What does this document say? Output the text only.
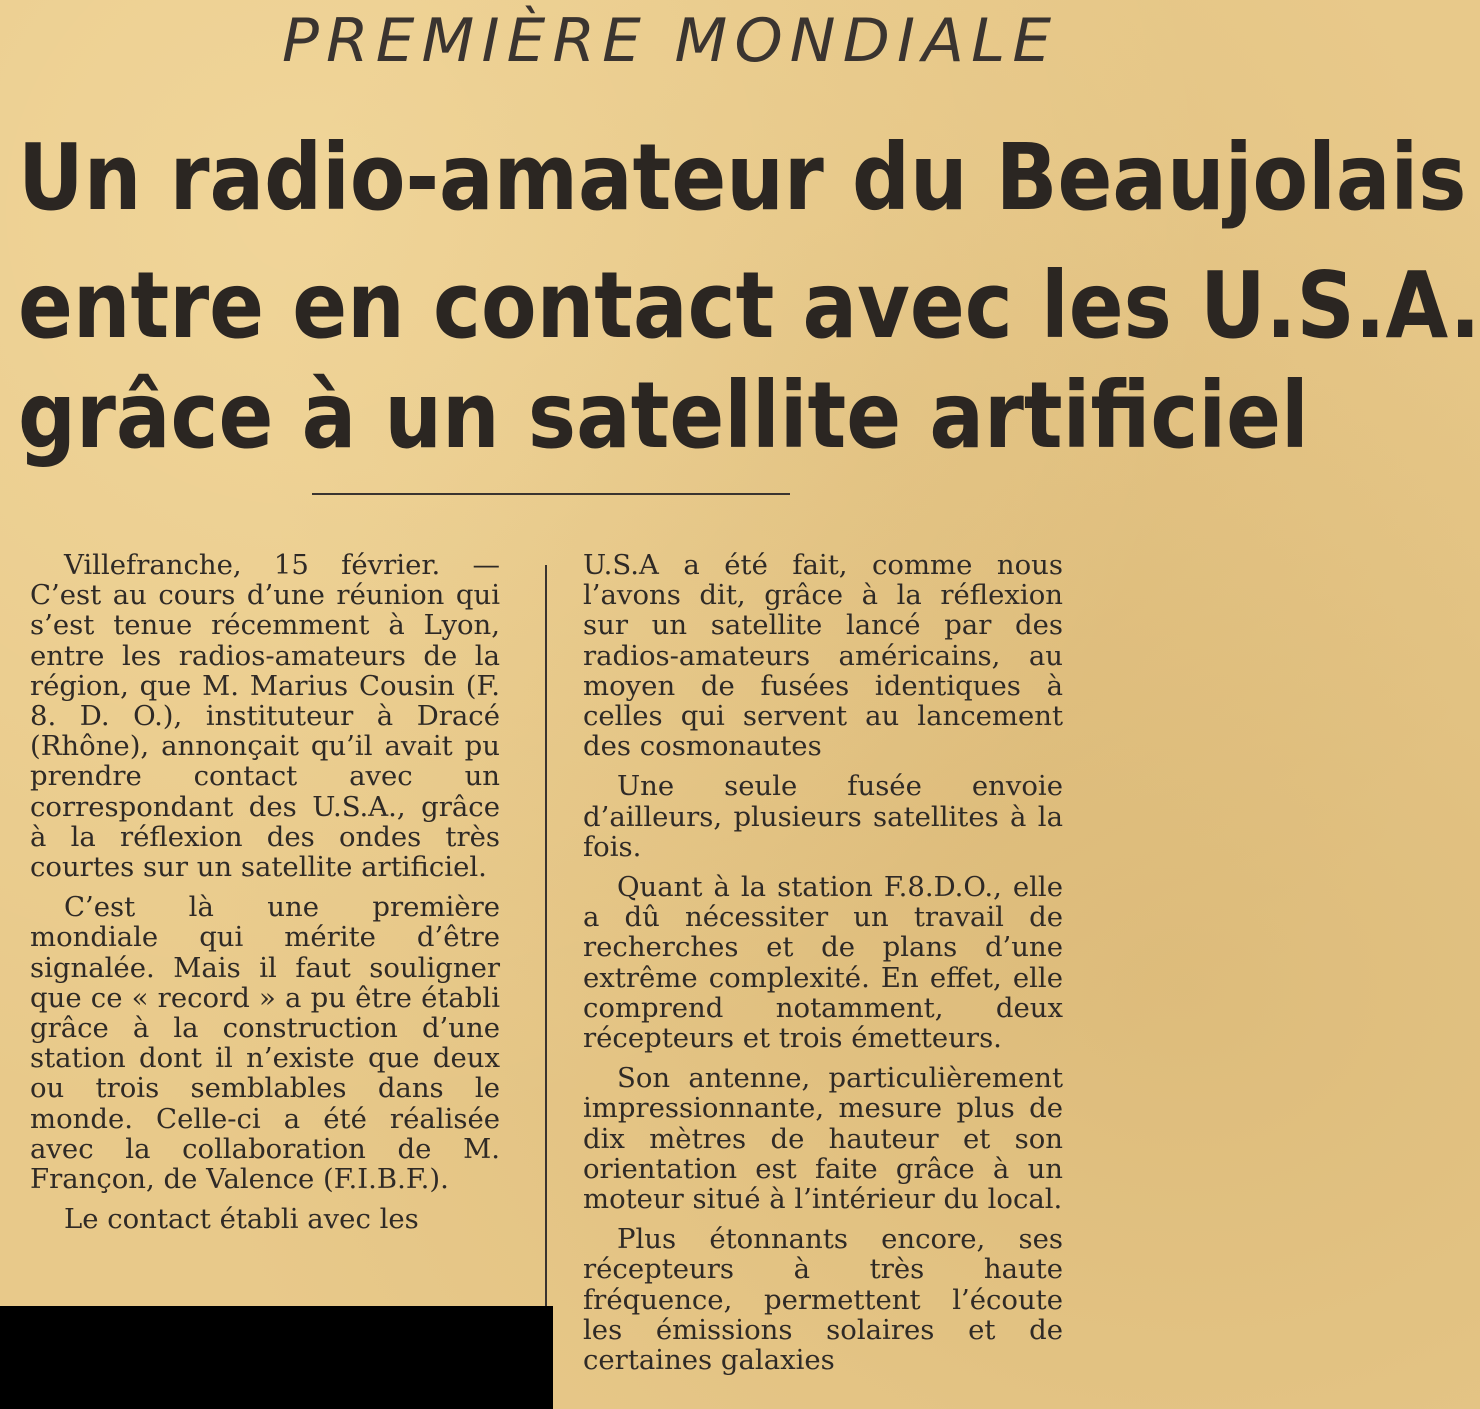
PREMIÈRE MONDIALE
Un radio-amateur du Beaujolais
entre en contact avec les U.S.A.
grâce à un satellite artificiel

Villefranche, 15 février. — C’est au cours d’une réunion qui s’est tenue récemment à Lyon, entre les radios-amateurs de la région, que M. Marius Cousin (F. 8. D. O.), instituteur à Dracé (Rhône), annonçait qu’il avait pu prendre contact avec un correspondant des U.S.A., grâce à la réflexion des ondes très courtes sur un satellite artificiel.

C’est là une première mondiale qui mérite d’être signalée. Mais il faut souligner que ce « record » a pu être établi grâce à la construction d’une station dont il n’existe que deux ou trois semblables dans le monde. Celle-ci a été réalisée avec la collaboration de M. Françon, de Valence (F.I.B.F.).

Le contact établi avec les

U.S.A a été fait, comme nous l’avons dit, grâce à la réflexion sur un satellite lancé par des radios-amateurs américains, au moyen de fusées identiques à celles qui servent au lancement des cosmonautes

Une seule fusée envoie d’ailleurs, plusieurs satellites à la fois.

Quant à la station F.8.D.O., elle a dû nécessiter un travail de recherches et de plans d’une extrême complexité. En effet, elle comprend notamment, deux récepteurs et trois émetteurs.

Son antenne, particulièrement impressionnante, mesure plus de dix mètres de hauteur et son orientation est faite grâce à un moteur situé à l’intérieur du local.

Plus étonnants encore, ses récepteurs à très haute fréquence, permettent l’écoute les émissions solaires et de certaines galaxies
